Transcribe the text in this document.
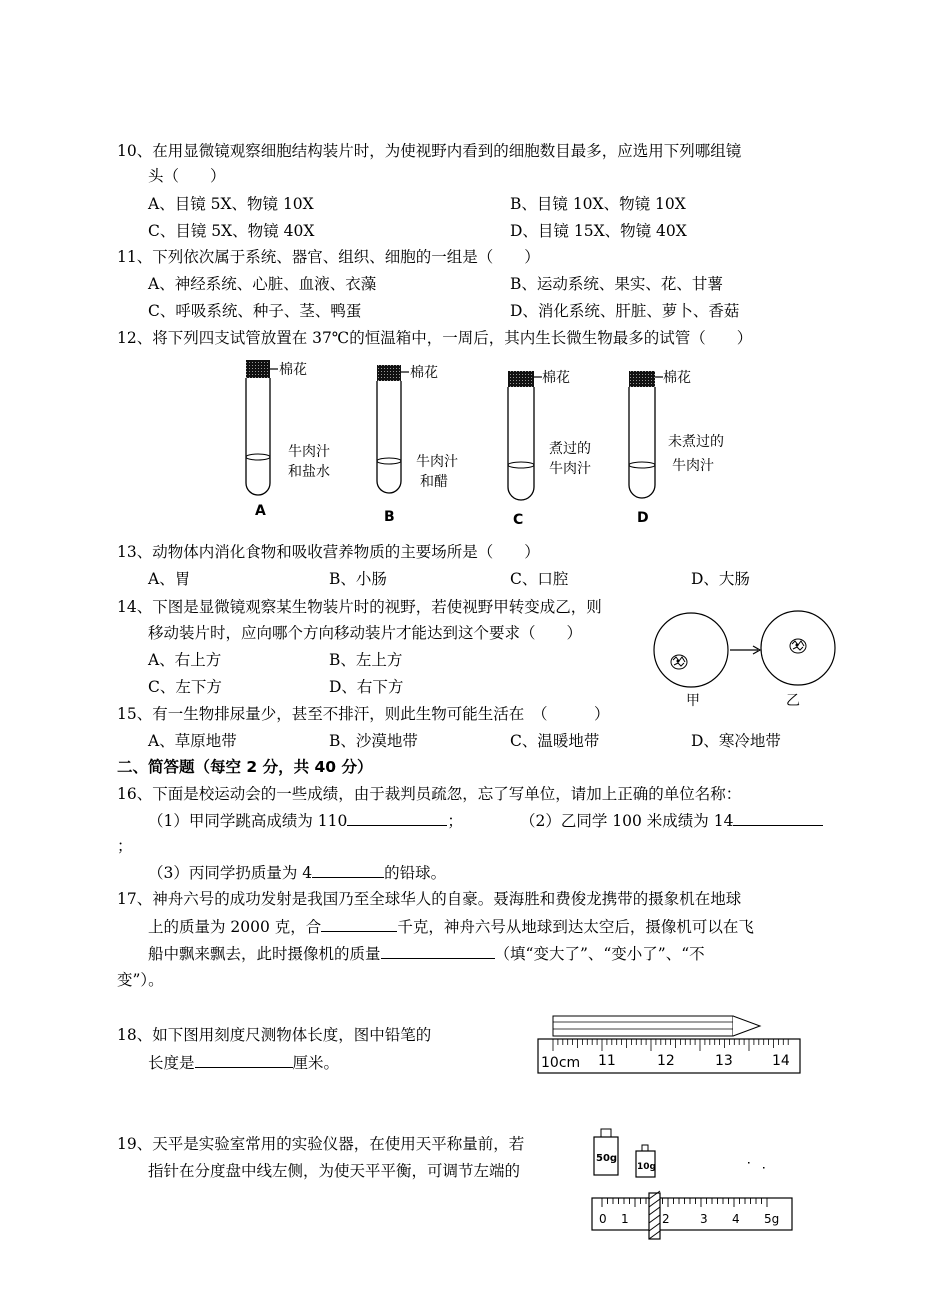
10、在用显微镜观察细胞结构装片时，为使视野内看到的细胞数目最多，应选用下列哪组镜
头（　　）
A、目镜 5X、物镜 10X	B、目镜 10X、物镜 10X
C、目镜 5X、物镜 40X	D、目镜 15X、物镜 40X
11、下列依次属于系统、器官、组织、细胞的一组是（　　）
A、神经系统、心脏、血液、衣藻	B、运动系统、果实、花、甘薯
C、呼吸系统、种子、茎、鸭蛋	D、消化系统、肝脏、萝卜、香菇
12、将下列四支试管放置在 37℃的恒温箱中，一周后，其内生长微生物最多的试管（　　）
棉花
牛肉汁
和盐水
A
棉花
牛肉汁
和醋
B
棉花
煮过的
牛肉汁
C
棉花
未煮过的
牛肉汁
D
13、动物体内消化食物和吸收营养物质的主要场所是（　　）
A、胃	B、小肠	C、口腔	D、大肠
14、下图是显微镜观察某生物装片时的视野，若使视野甲转变成乙，则
移动装片时，应向哪个方向移动装片才能达到这个要求（　　）
A、右上方	B、左上方
C、左下方	D、右下方
甲	乙
15、有一生物排尿量少，甚至不排汗，则此生物可能生活在　（　　　）
A、草原地带	B、沙漠地带	C、温暖地带	D、寒冷地带
二、简答题（每空 2 分，共 40 分）
16、下面是校运动会的一些成绩，由于裁判员疏忽，忘了写单位，请加上正确的单位名称：
（1）甲同学跳高成绩为 110	；	（2）乙同学 100 米成绩为 14
；
（3）丙同学扔质量为 4	的铅球。
17、神舟六号的成功发射是我国乃至全球华人的自豪。聂海胜和费俊龙携带的摄象机在地球
上的质量为 2000 克，合	千克，神舟六号从地球到达太空后，摄像机可以在飞
船中飘来飘去，此时摄像机的质量	（填“变大了”、“变小了”、“不
变”）。
18、如下图用刻度尺测物体长度，图中铅笔的
长度是	厘米。	10cm 11	12	13	14
19、天平是实验室常用的实验仪器，在使用天平称量前，若
指针在分度盘中线左侧，为使天平平衡，可调节左端的
50g
10g
0 1	2	3 4 5g
